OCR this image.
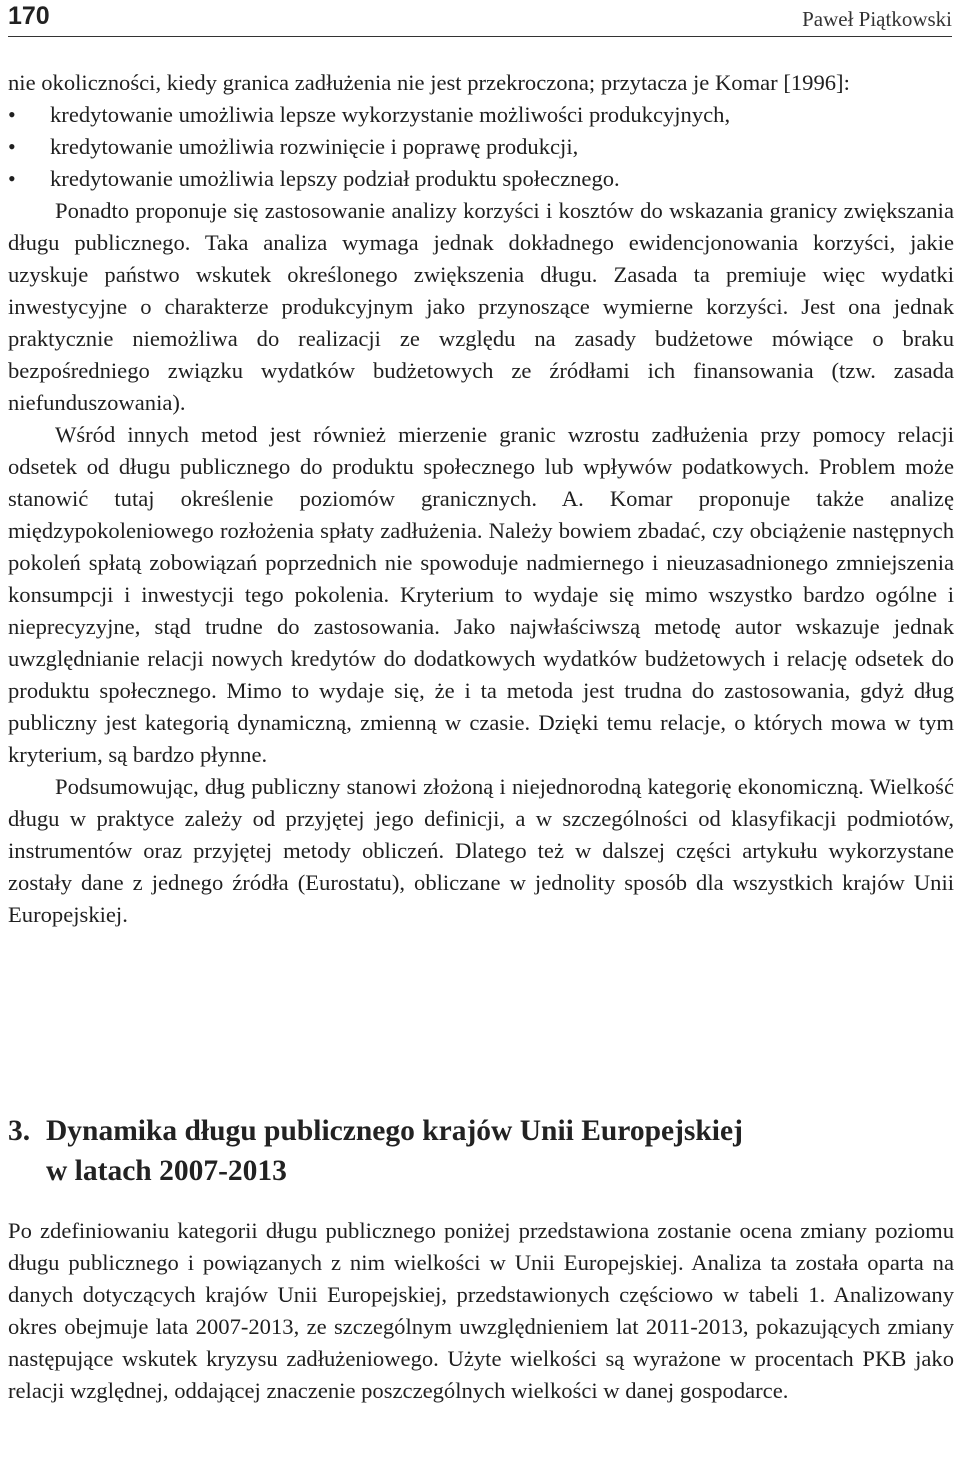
170	Paweł Piątkowski

nie okoliczności, kiedy granica zadłużenia nie jest przekroczona; przytacza je Komar [1996]:

• kredytowanie umożliwia lepsze wykorzystanie możliwości produkcyjnych,
• kredytowanie umożliwia rozwinięcie i poprawę produkcji,
• kredytowanie umożliwia lepszy podział produktu społecznego.

Ponadto proponuje się zastosowanie analizy korzyści i kosztów do wskazania granicy zwiększania długu publicznego. Taka analiza wymaga jednak dokładnego ewidencjonowania korzyści, jakie uzyskuje państwo wskutek określonego zwiększenia długu. Zasada ta premiuje więc wydatki inwestycyjne o charakterze produkcyjnym jako przynoszące wymierne korzyści. Jest ona jednak praktycznie niemożliwa do realizacji ze względu na zasady budżetowe mówiące o braku bezpośredniego związku wydatków budżetowych ze źródłami ich finansowania (tzw. zasada niefunduszowania).

Wśród innych metod jest również mierzenie granic wzrostu zadłużenia przy pomocy relacji odsetek od długu publicznego do produktu społecznego lub wpływów podatkowych. Problem może stanowić tutaj określenie poziomów granicznych. A. Komar proponuje także analizę międzypokoleniowego rozłożenia spłaty zadłużenia. Należy bowiem zbadać, czy obciążenie następnych pokoleń spłatą zobowiązań poprzednich nie spowoduje nadmiernego i nieuzasadnionego zmniejszenia konsumpcji i inwestycji tego pokolenia. Kryterium to wydaje się mimo wszystko bardzo ogólne i nieprecyzyjne, stąd trudne do zastosowania. Jako najwłaściwszą metodę autor wskazuje jednak uwzględnianie relacji nowych kredytów do dodatkowych wydatków budżetowych i relację odsetek do produktu społecznego. Mimo to wydaje się, że i ta metoda jest trudna do zastosowania, gdyż dług publiczny jest kategorią dynamiczną, zmienną w czasie. Dzięki temu relacje, o których mowa w tym kryterium, są bardzo płynne.

Podsumowując, dług publiczny stanowi złożoną i niejednorodną kategorię ekonomiczną. Wielkość długu w praktyce zależy od przyjętej jego definicji, a w szczególności od klasyfikacji podmiotów, instrumentów oraz przyjętej metody obliczeń. Dlatego też w dalszej części artykułu wykorzystane zostały dane z jednego źródła (Eurostatu), obliczane w jednolity sposób dla wszystkich krajów Unii Europejskiej.

3. Dynamika długu publicznego krajów Unii Europejskiej
w latach 2007-2013

Po zdefiniowaniu kategorii długu publicznego poniżej przedstawiona zostanie ocena zmiany poziomu długu publicznego i powiązanych z nim wielkości w Unii Europejskiej. Analiza ta została oparta na danych dotyczących krajów Unii Europejskiej, przedstawionych częściowo w tabeli 1. Analizowany okres obejmuje lata 2007-2013, ze szczególnym uwzględnieniem lat 2011-2013, pokazujących zmiany następujące wskutek kryzysu zadłużeniowego. Użyte wielkości są wyrażone w procentach PKB jako relacji względnej, oddającej znaczenie poszczególnych wielkości w danej gospodarce.
